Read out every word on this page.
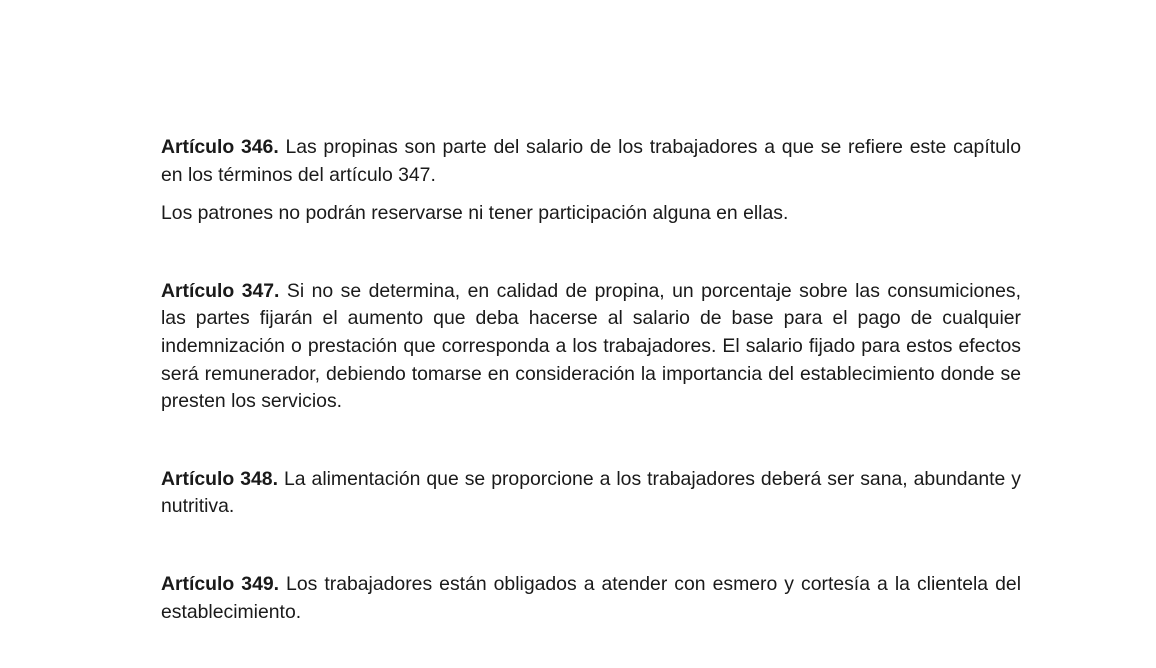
Artículo 346. Las propinas son parte del salario de los trabajadores a que se refiere este capítulo en los términos del artículo 347.

Los patrones no podrán reservarse ni tener participación alguna en ellas.

Artículo 347. Si no se determina, en calidad de propina, un porcentaje sobre las consumiciones, las partes fijarán el aumento que deba hacerse al salario de base para el pago de cualquier indemnización o prestación que corresponda a los trabajadores. El salario fijado para estos efectos será remunerador, debiendo tomarse en consideración la importancia del establecimiento donde se presten los servicios.

Artículo 348. La alimentación que se proporcione a los trabajadores deberá ser sana, abundante y nutritiva.

Artículo 349. Los trabajadores están obligados a atender con esmero y cortesía a la clientela del establecimiento.
